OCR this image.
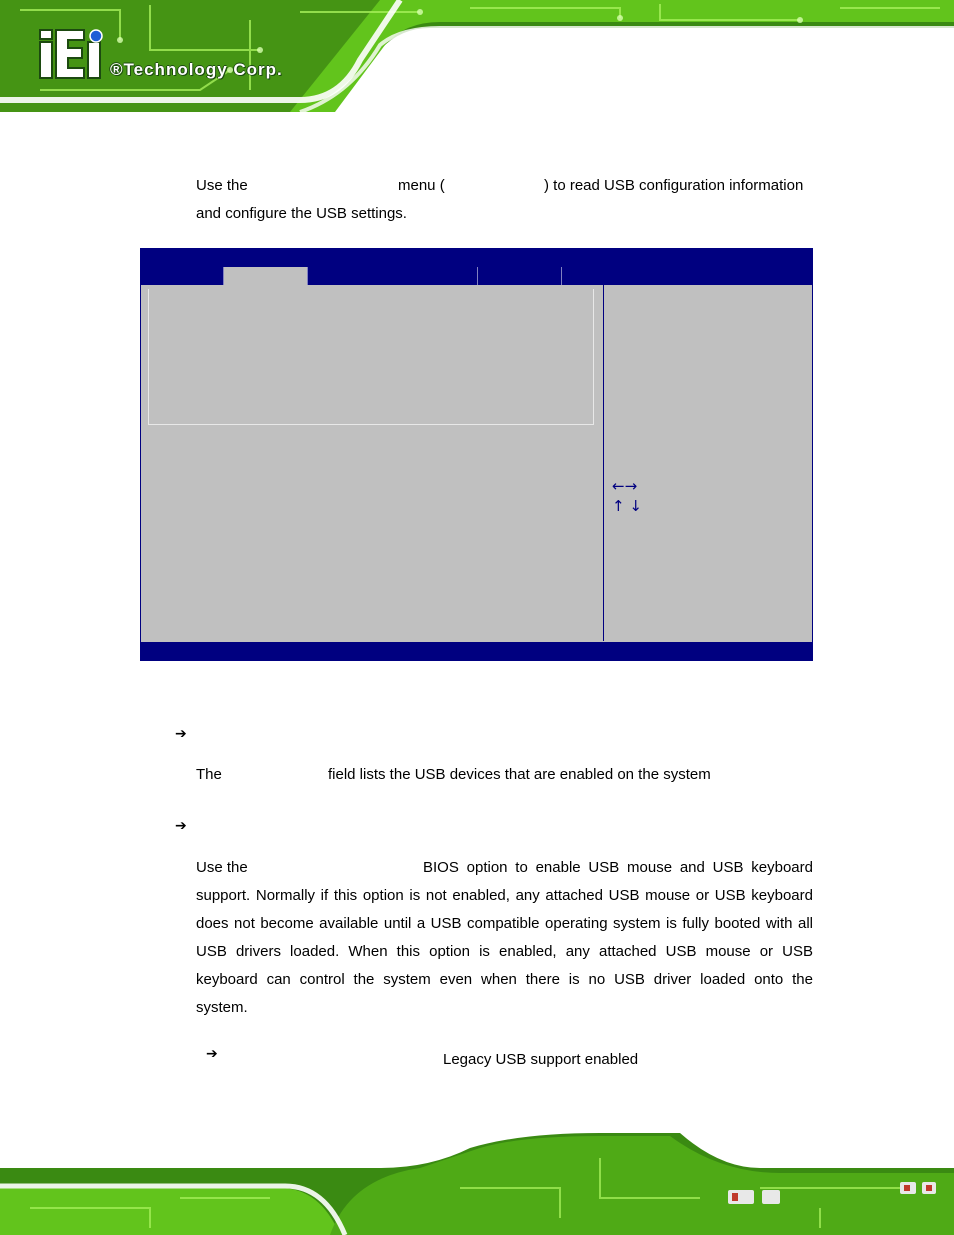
®Technology Corp.
Use the	menu (	) to read USB configuration information
and configure the USB settings.
←→
↑ ↓
➔
The	field lists the USB devices that are enabled on the system
➔
Use the	BIOS option to enable USB mouse and USB keyboard
support. Normally if this option is not enabled, any attached USB mouse or USB keyboard
does not become available until a USB compatible operating system is fully booted with all
USB drivers loaded. When this option is enabled, any attached USB mouse or USB
keyboard can control the system even when there is no USB driver loaded onto the
system.
➔	Legacy USB support enabled
